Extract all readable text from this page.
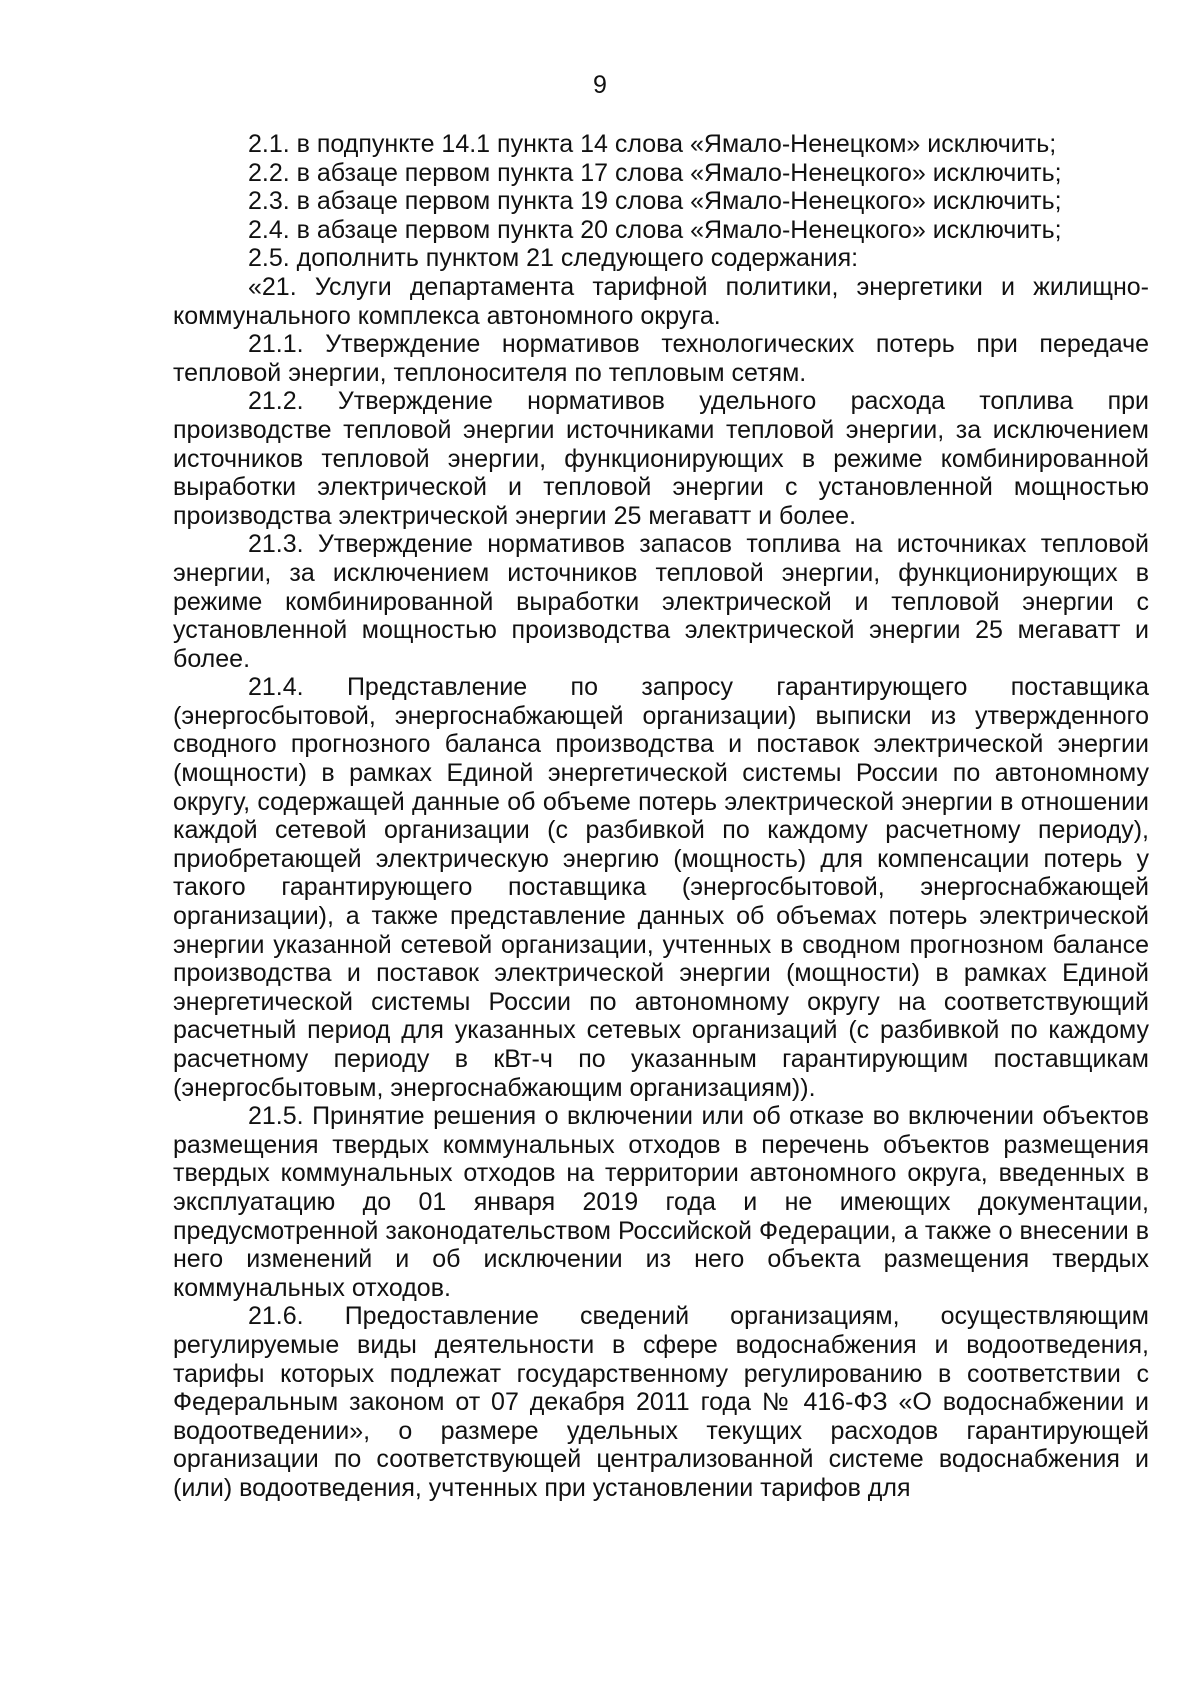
9

2.1. в подпункте 14.1 пункта 14 слова «Ямало-Ненецком» исключить;

2.2. в абзаце первом пункта 17 слова «Ямало-Ненецкого» исключить;

2.3. в абзаце первом пункта 19 слова «Ямало-Ненецкого» исключить;

2.4. в абзаце первом пункта 20 слова «Ямало-Ненецкого» исключить;

2.5. дополнить пунктом 21 следующего содержания:

«21. Услуги департамента тарифной политики, энергетики и жилищно-коммунального комплекса автономного округа.

21.1. Утверждение нормативов технологических потерь при передаче тепловой энергии, теплоносителя по тепловым сетям.

21.2. Утверждение нормативов удельного расхода топлива при производстве тепловой энергии источниками тепловой энергии, за исключением источников тепловой энергии, функционирующих в режиме комбинированной выработки электрической и тепловой энергии с установленной мощностью производства электрической энергии 25 мегаватт и более.

21.3. Утверждение нормативов запасов топлива на источниках тепловой энергии, за исключением источников тепловой энергии, функционирующих в режиме комбинированной выработки электрической и тепловой энергии с установленной мощностью производства электрической энергии 25 мегаватт и более.

21.4. Представление по запросу гарантирующего поставщика (энергосбытовой, энергоснабжающей организации) выписки из утвержденного сводного прогнозного баланса производства и поставок электрической энергии (мощности) в рамках Единой энергетической системы России по автономному округу, содержащей данные об объеме потерь электрической энергии в отношении каждой сетевой организации (с разбивкой по каждому расчетному периоду), приобретающей электрическую энергию (мощность) для компенсации потерь у такого гарантирующего поставщика (энергосбытовой, энергоснабжающей организации), а также представление данных об объемах потерь электрической энергии указанной сетевой организации, учтенных в сводном прогнозном балансе производства и поставок электрической энергии (мощности) в рамках Единой энергетической системы России по автономному округу на соответствующий расчетный период для указанных сетевых организаций (с разбивкой по каждому расчетному периоду в кВт-ч по указанным гарантирующим поставщикам (энергосбытовым, энергоснабжающим организациям)).

21.5. Принятие решения о включении или об отказе во включении объектов размещения твердых коммунальных отходов в перечень объектов размещения твердых коммунальных отходов на территории автономного округа, введенных в эксплуатацию до 01 января 2019 года и не имеющих документации, предусмотренной законодательством Российской Федерации, а также о внесении в него изменений и об исключении из него объекта размещения твердых коммунальных отходов.

21.6. Предоставление сведений организациям, осуществляющим регулируемые виды деятельности в сфере водоснабжения и водоотведения, тарифы которых подлежат государственному регулированию в соответствии с Федеральным законом от 07 декабря 2011 года № 416-ФЗ «О водоснабжении и водоотведении», о размере удельных текущих расходов гарантирующей организации по соответствующей централизованной системе водоснабжения и (или) водоотведения, учтенных при установлении тарифов для
